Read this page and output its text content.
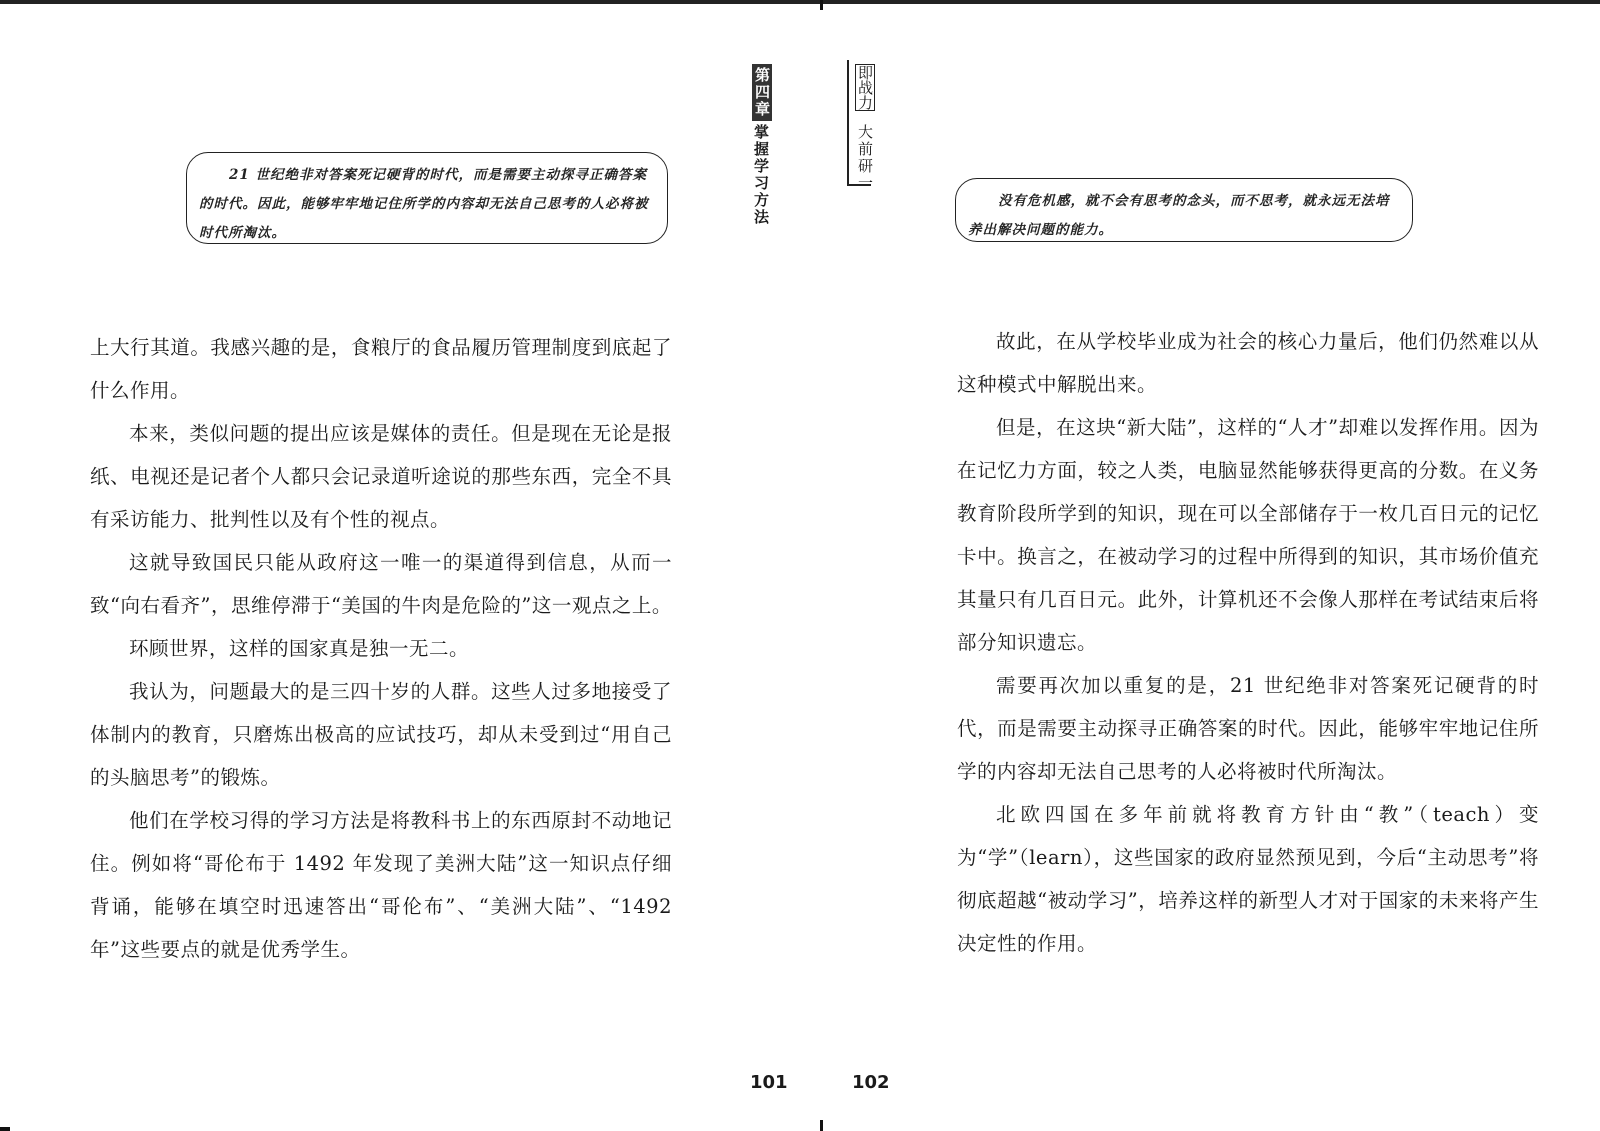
21 世纪绝非对答案死记硬背的时代，而是需要主动探寻正确答案的时代。因此，能够牢牢地记住所学的内容却无法自己思考的人必将被时代所淘汰。
第四章
掌握学习方法

上大行其道。我感兴趣的是，食粮厅的食品履历管理制度到底起了什么作用。

本来，类似问题的提出应该是媒体的责任。但是现在无论是报纸、电视还是记者个人都只会记录道听途说的那些东西，完全不具有采访能力、批判性以及有个性的视点。

这就导致国民只能从政府这一唯一的渠道得到信息，从而一致“向右看齐”，思维停滞于“美国的牛肉是危险的”这一观点之上。

环顾世界，这样的国家真是独一无二。

我认为，问题最大的是三四十岁的人群。这些人过多地接受了体制内的教育，只磨炼出极高的应试技巧，却从未受到过“用自己的头脑思考”的锻炼。

他们在学校习得的学习方法是将教科书上的东西原封不动地记住。例如将“哥伦布于 1492 年发现了美洲大陆”这一知识点仔细背诵，能够在填空时迅速答出“哥伦布”、“美洲大陆”、“1492 年”这些要点的就是优秀学生。

101
即战力
大前研一
没有危机感，就不会有思考的念头，而不思考，就永远无法培养出解决问题的能力。

故此，在从学校毕业成为社会的核心力量后，他们仍然难以从这种模式中解脱出来。

但是，在这块“新大陆”，这样的“人才”却难以发挥作用。因为在记忆力方面，较之人类，电脑显然能够获得更高的分数。在义务教育阶段所学到的知识，现在可以全部储存于一枚几百日元的记忆卡中。换言之，在被动学习的过程中所得到的知识，其市场价值充其量只有几百日元。此外，计算机还不会像人那样在考试结束后将部分知识遗忘。

需要再次加以重复的是，21 世纪绝非对答案死记硬背的时代，而是需要主动探寻正确答案的时代。因此，能够牢牢地记住所学的内容却无法自己思考的人必将被时代所淘汰。

北欧四国在多年前就将教育方针由“教”（teach）变为“学”（learn），这些国家的政府显然预见到，今后“主动思考”将彻底超越“被动学习”，培养这样的新型人才对于国家的未来将产生决定性的作用。

102
